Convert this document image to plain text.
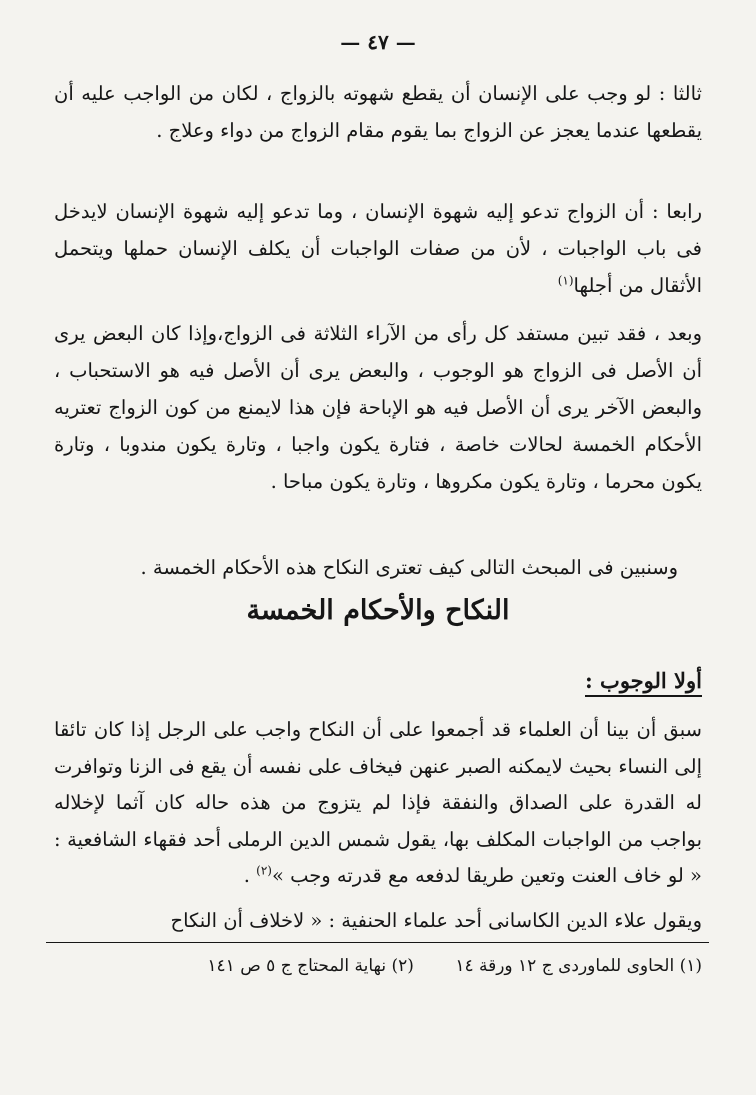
— ٤٧ —

ثالثا : لو وجب على الإنسان أن يقطع شهوته بالزواج ، لكان من الواجب عليه أن يقطعها عندما يعجز عن الزواج بما يقوم مقام الزواج من دواء وعلاج .

رابعا : أن الزواج تدعو إليه شهوة الإنسان ، وما تدعو إليه شهوة الإنسان لايدخل فى باب الواجبات ، لأن من صفات الواجبات أن يكلف الإنسان حملها ويتحمل الأثقال من أجلها$^{(١)}$

وبعد ، فقد تبين مستفد كل رأى من الآراء الثلاثة فى الزواج،وإذا كان البعض يرى أن الأصل فى الزواج هو الوجوب ، والبعض يرى أن الأصل فيه هو الاستحباب ، والبعض الآخر يرى أن الأصل فيه هو الإباحة فإن هذا لايمنع من كون الزواج تعتريه الأحكام الخمسة لحالات خاصة ، فتارة يكون واجبا ، وتارة يكون مندوبا ، وتارة يكون محرما ، وتارة يكون مكروها ، وتارة يكون مباحا .

وسنبين فى المبحث التالى كيف تعترى النكاح هذه الأحكام الخمسة .

النكاح والأحكام الخمسة
أولا الوجوب :

سبق أن بينا أن العلماء قد أجمعوا على أن النكاح واجب على الرجل إذا كان تائقا إلى النساء بحيث لايمكنه الصبر عنهن فيخاف على نفسه أن يقع فى الزنا وتوافرت له القدرة على الصداق والنفقة فإذا لم يتزوج من هذه حاله كان آثما لإخلاله بواجب من الواجبات المكلف بها، يقول شمس الدين الرملى أحد فقهاء الشافعية : « لو خاف العنت وتعين طريقا لدفعه مع قدرته وجب »$^{(٢)}$ .

ويقول علاء الدين الكاسانى أحد علماء الحنفية : « لاخلاف أن النكاح

(١) الحاوى للماوردى ج ١٢ ورقة ١٤ (٢) نهاية المحتاج ج ٥ ص ١٤١
